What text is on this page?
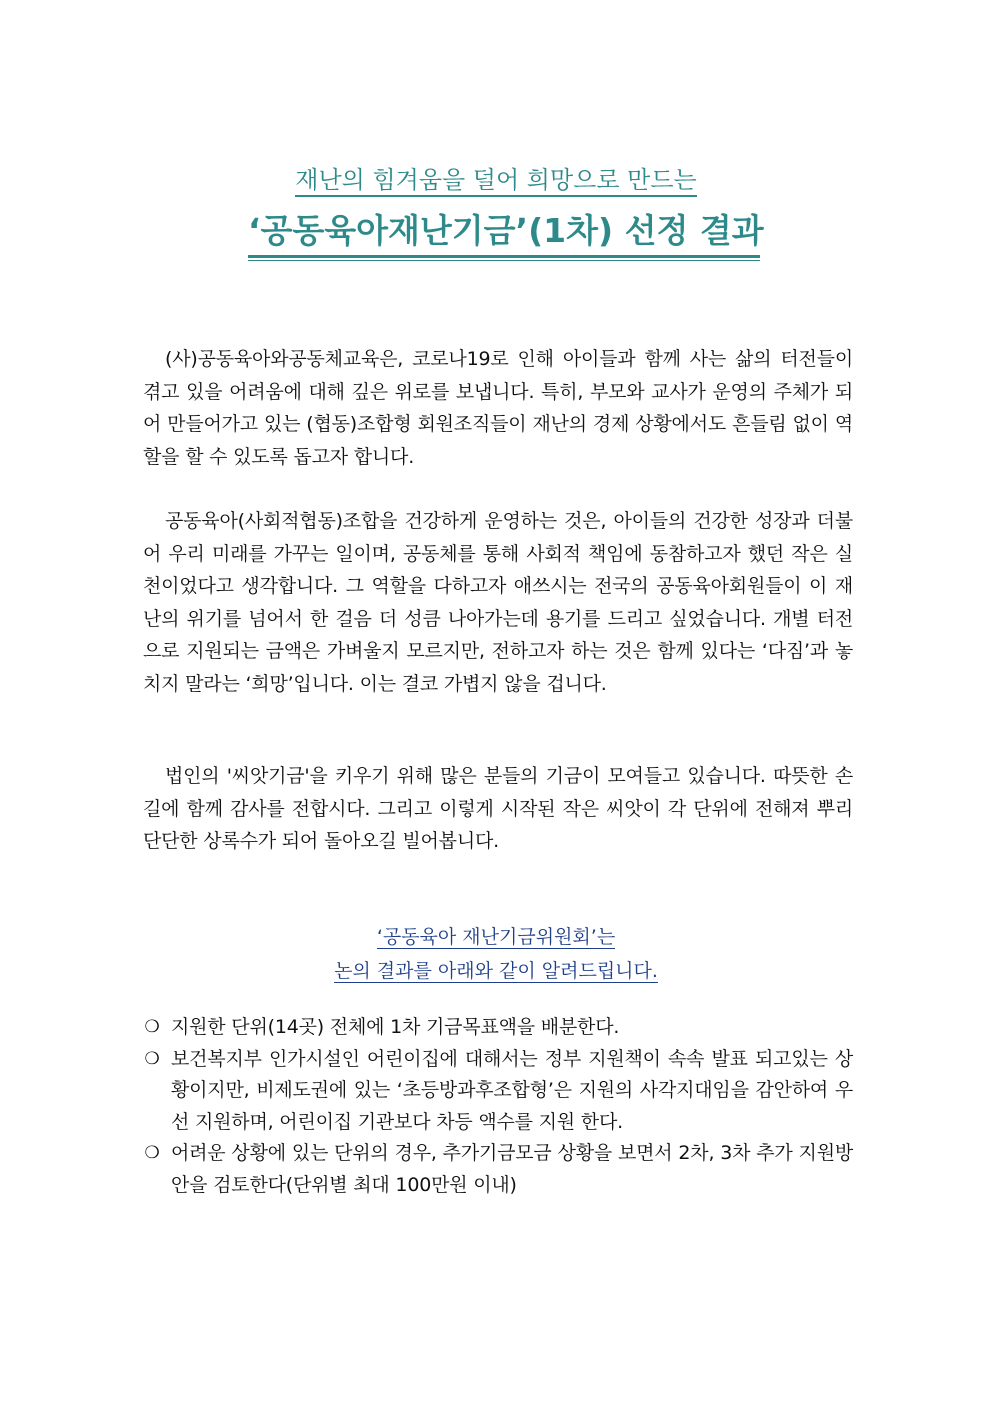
재난의 힘겨움을 덜어 희망으로 만드는
‘공동육아재난기금’(1차) 선정 결과

(사)공동육아와공동체교육은, 코로나19로 인해 아이들과 함께 사는 삶의 터전들이 겪고 있을 어려움에 대해 깊은 위로를 보냅니다. 특히, 부모와 교사가 운영의 주체가 되어 만들어가고 있는 (협동)조합형 회원조직들이 재난의 경제 상황에서도 흔들림 없이 역할을 할 수 있도록 돕고자 합니다.

공동육아(사회적협동)조합을 건강하게 운영하는 것은, 아이들의 건강한 성장과 더불어 우리 미래를 가꾸는 일이며, 공동체를 통해 사회적 책임에 동참하고자 했던 작은 실천이었다고 생각합니다. 그 역할을 다하고자 애쓰시는 전국의 공동육아회원들이 이 재난의 위기를 넘어서 한 걸음 더 성큼 나아가는데 용기를 드리고 싶었습니다. 개별 터전으로 지원되는 금액은 가벼울지 모르지만, 전하고자 하는 것은 함께 있다는 ‘다짐’과 놓치지 말라는 ‘희망’입니다. 이는 결코 가볍지 않을 겁니다.

법인의 '씨앗기금'을 키우기 위해 많은 분들의 기금이 모여들고 있습니다. 따뜻한 손길에 함께 감사를 전합시다. 그리고 이렇게 시작된 작은 씨앗이 각 단위에 전해져 뿌리 단단한 상록수가 되어 돌아오길 빌어봅니다.

‘공동육아 재난기금위원회’는
논의 결과를 아래와 같이 알려드립니다.
❍ 지원한 단위(14곳) 전체에 1차 기금목표액을 배분한다.
❍ 보건복지부 인가시설인 어린이집에 대해서는 정부 지원책이 속속 발표 되고있는 상황이지만, 비제도권에 있는 ‘초등방과후조합형’은 지원의 사각지대임을 감안하여 우선 지원하며, 어린이집 기관보다 차등 액수를 지원 한다.
❍ 어려운 상황에 있는 단위의 경우, 추가기금모금 상황을 보면서 2차, 3차 추가 지원방안을 검토한다(단위별 최대 100만원 이내)
